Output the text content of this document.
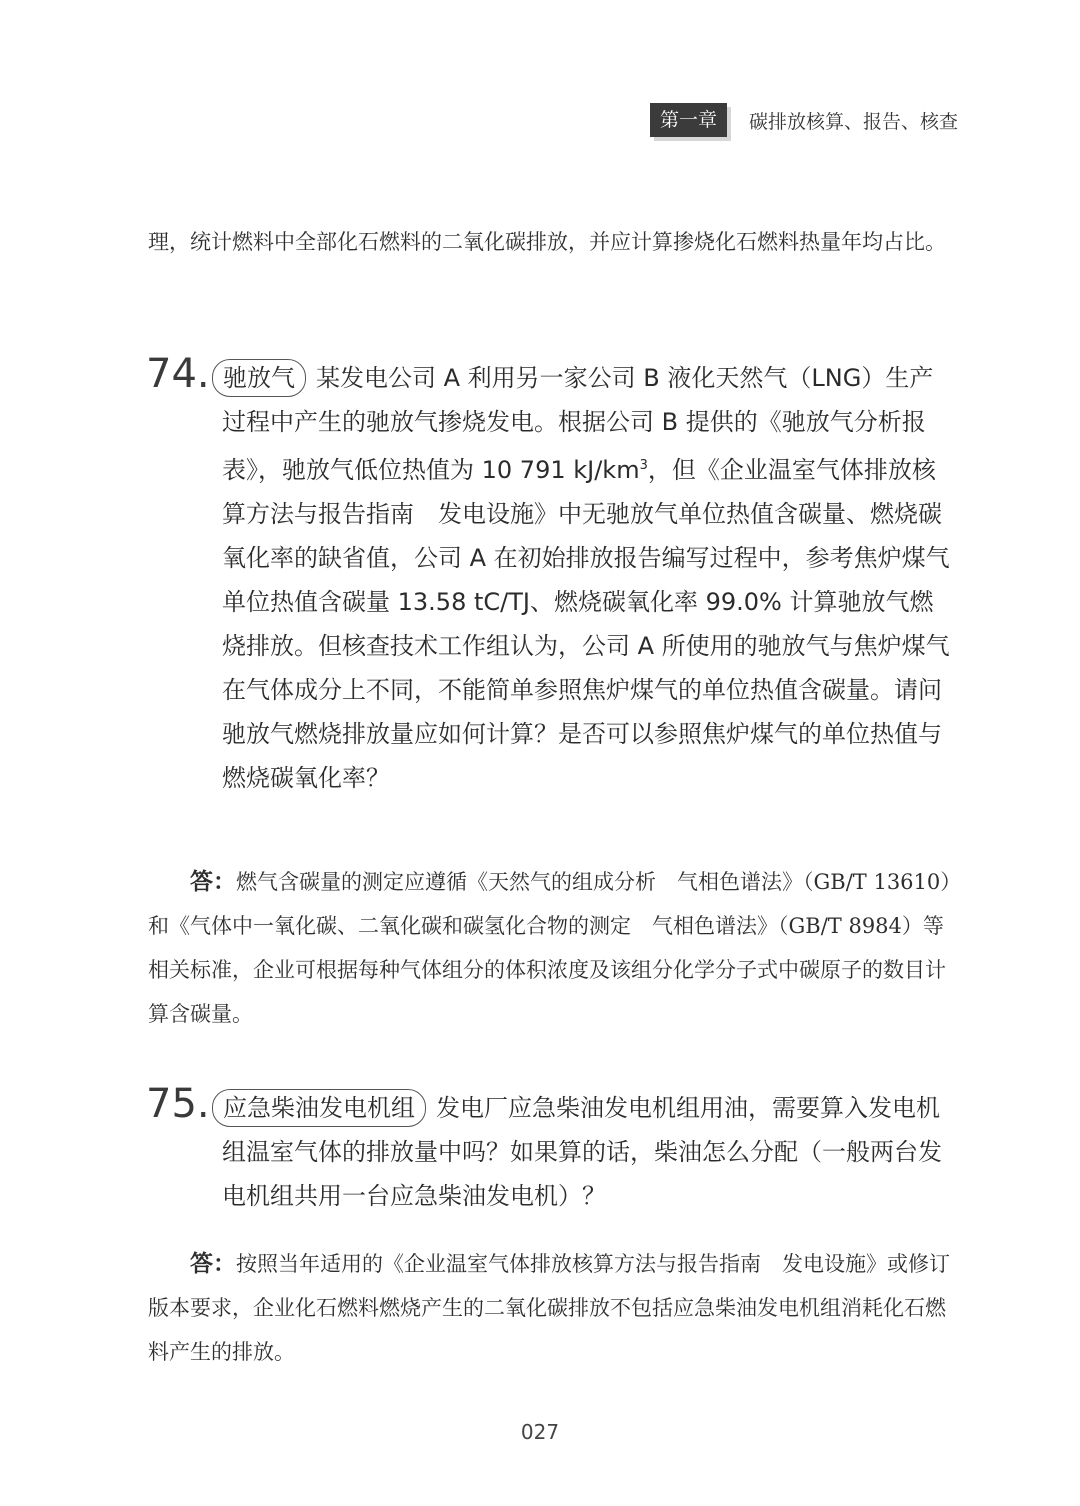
第一章	碳排放核算、报告、核查

理，统计燃料中全部化石燃料的二氧化碳排放，并应计算掺烧化石燃料热量年均占比。

74. 驰放气 某发电公司 A 利用另一家公司 B 液化天然气（LNG）生产过程中产生的驰放气掺烧发电。根据公司 B 提供的《驰放气分析报表》，驰放气低位热值为 10 791 $kJ/km^3$，但《企业温室气体排放核算方法与报告指南　发电设施》中无驰放气单位热值含碳量、燃烧碳氧化率的缺省值，公司 A 在初始排放报告编写过程中，参考焦炉煤气单位热值含碳量 13.58 tC/TJ、燃烧碳氧化率 99.0% 计算驰放气燃烧排放。但核查技术工作组认为，公司 A 所使用的驰放气与焦炉煤气在气体成分上不同，不能简单参照焦炉煤气的单位热值含碳量。请问驰放气燃烧排放量应如何计算？是否可以参照焦炉煤气的单位热值与燃烧碳氧化率？

答：燃气含碳量的测定应遵循《天然气的组成分析　气相色谱法》（GB/T 13610）和《气体中一氧化碳、二氧化碳和碳氢化合物的测定　气相色谱法》（GB/T 8984）等相关标准，企业可根据每种气体组分的体积浓度及该组分化学分子式中碳原子的数目计算含碳量。

75. 应急柴油发电机组 发电厂应急柴油发电机组用油，需要算入发电机组温室气体的排放量中吗？如果算的话，柴油怎么分配（一般两台发电机组共用一台应急柴油发电机）？

答：按照当年适用的《企业温室气体排放核算方法与报告指南　发电设施》或修订版本要求，企业化石燃料燃烧产生的二氧化碳排放不包括应急柴油发电机组消耗化石燃料产生的排放。

027
